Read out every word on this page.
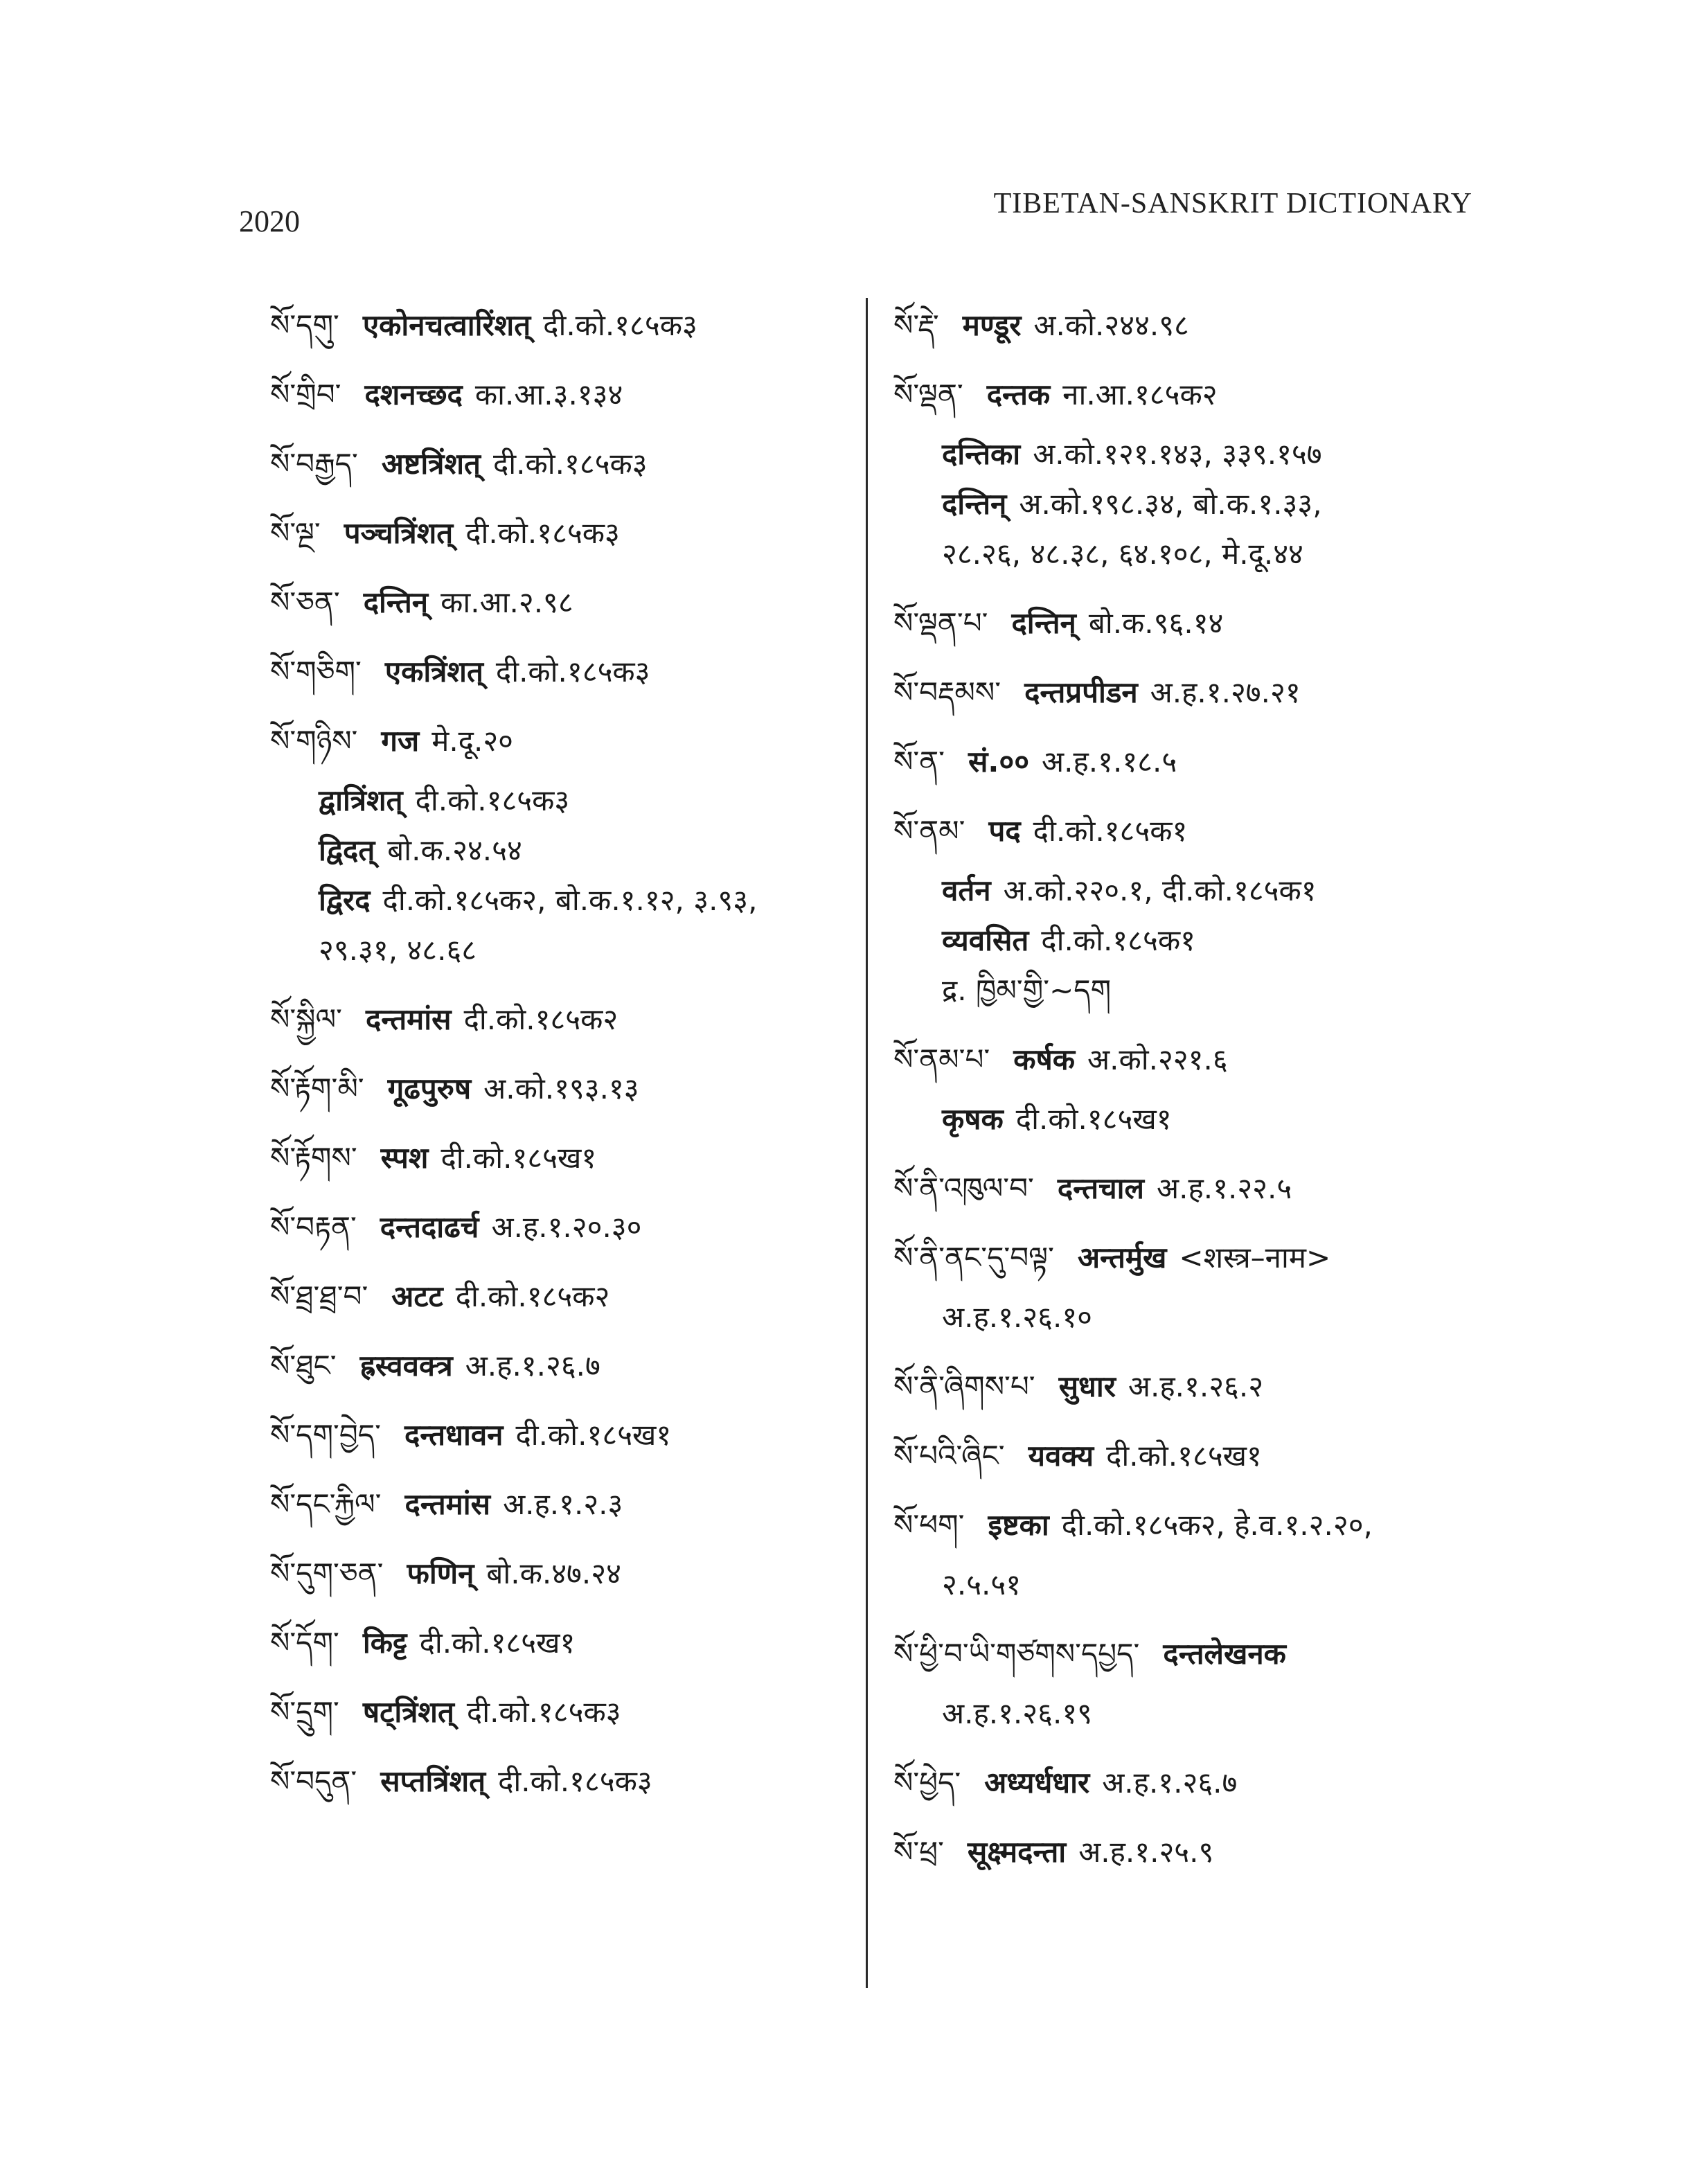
2020
TIBETAN-SANSKRIT DICTIONARY
སོ་དགུ་ एकोनचत्वारिंशत् दी.को.१८५क३
སོ་གྲིབ་ दशनच्छद का.आ.३.१३४
སོ་བརྒྱད་ अष्टत्रिंशत् दी.को.१८५क३
སོ་ལྔ་ पञ्चत्रिंशत् दी.को.१८५क३
སོ་ཅན་ दन्तिन् का.आ.२.९८
སོ་གཅིག་ एकत्रिंशत् दी.को.१८५क३
སོ་གཉིས་ गज मे.दू.२०
द्वात्रिंशत् दी.को.१८५क३
द्विदत् बो.क.२४.५४
द्विरद दी.को.१८५क२, बो.क.१.१२, ३.९३,
२९.३१, ४८.६८
སོ་སྐྱིལ་ दन्तमांस दी.को.१८५क२
སོ་རྟོག་མི་ गूढपुरुष अ.को.१९३.१३
སོ་རྟོགས་ स्पश दी.को.१८५ख१
སོ་བརྟན་ दन्तदाढर्च अ.ह.१.२०.३०
སོ་ཐྲ་ཐྲ་བ་ अटट दी.को.१८५क२
སོ་ཐུང་ ह्रस्ववक्त्र अ.ह.१.२६.७
སོ་དག་བྱེད་ दन्तधावन दी.को.१८५ख१
སོ་དང་རྐྱིལ་ दन्तमांस अ.ह.१.२.३
སོ་དུག་ཅན་ फणिन् बो.क.४७.२४
སོ་དོག་ किट्ट दी.को.१८५ख१
སོ་དྲུག་ षट्त्रिंशत् दी.को.१८५क३
སོ་བདུན་ सप्तत्रिंशत् दी.को.१८५क३
སོ་རྡེ་ मण्डूर अ.को.२४४.९८
སོ་ལྡན་ दन्तक ना.आ.१८५क२
दन्तिका अ.को.१२१.१४३, ३३९.१५७
दन्तिन् अ.को.१९८.३४, बो.क.१.३३,
२८.२६, ४८.३८, ६४.१०८, मे.दू.४४
སོ་ལྡན་པ་ दन्तिन् बो.क.९६.१४
སོ་བརྡམས་ दन्तप्रपीडन अ.ह.१.२७.२१
སོ་ན་ सं.०० अ.ह.१.१८.५
སོ་ནམ་ पद दी.को.१८५क१
वर्तन अ.को.२२०.१, दी.को.१८५क१
व्यवसित दी.को.१८५क१
द्र. ཁྱིམ་གྱི་~དག
སོ་ནམ་པ་ कर्षक अ.को.२२१.६
कृषक दी.को.१८५ख१
སོ་ནི་འཁུལ་བ་ दन्तचाल अ.ह.१.२२.५
སོ་ནི་ནང་དུ་བལྟ་ अन्तर्मुख <शस्त्र–नाम>
अ.ह.१.२६.१०
སོ་ནི་ཞིགས་པ་ सुधार अ.ह.१.२६.२
སོ་པའི་ཞིང་ यवक्य दी.को.१८५ख१
སོ་ཕག་ इष्टका दी.को.१८५क२, हे.व.१.२.२०,
२.५.५१
སོ་ཕྱི་བ་ཡི་གཙགས་དཔྱད་ दन्तलेखनक
अ.ह.१.२६.१९
སོ་ཕྱེད་ अध्यर्धधार अ.ह.१.२६.७
སོ་ཕྲ་ सूक्ष्मदन्ता अ.ह.१.२५.९
